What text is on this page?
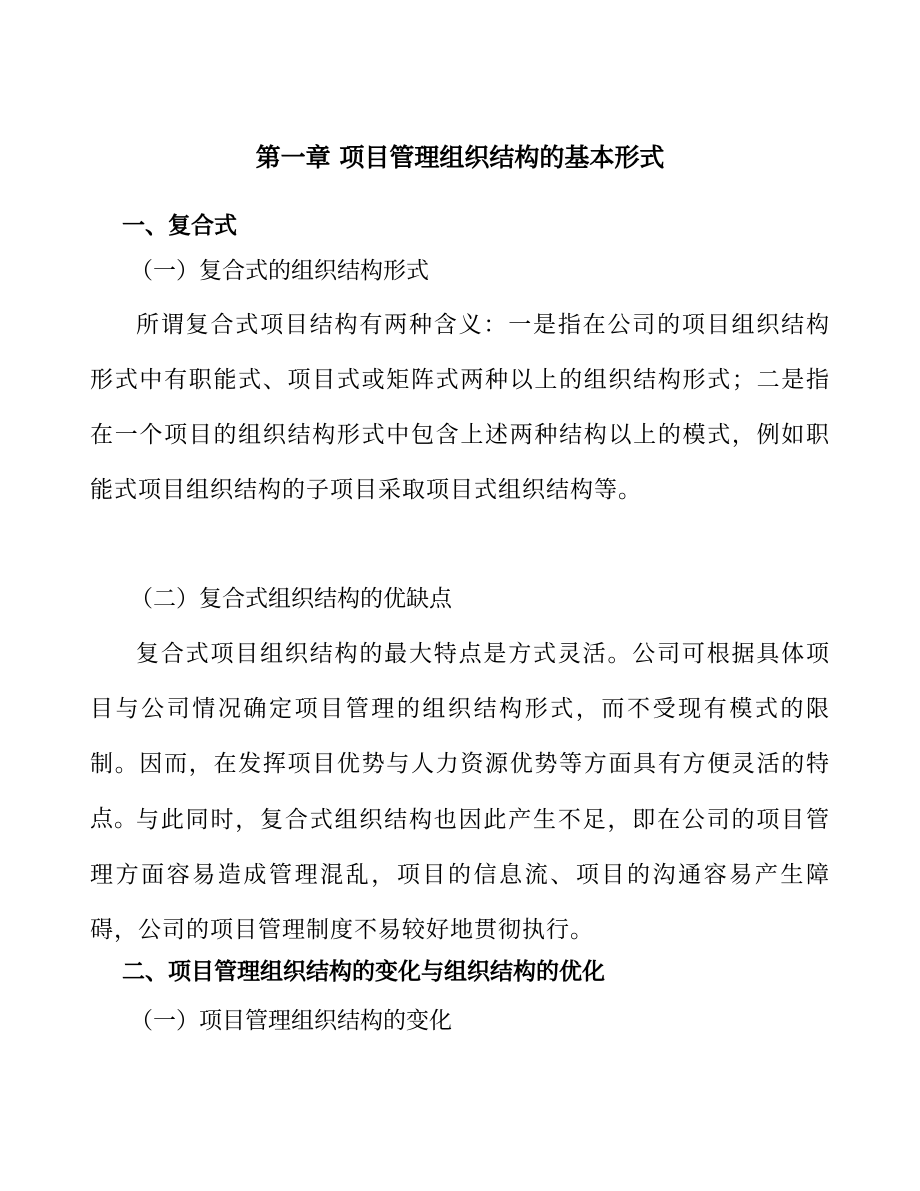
第一章 项目管理组织结构的基本形式
一、复合式
（一）复合式的组织结构形式
所谓复合式项目结构有两种含义：一是指在公司的项目组织结构形式中有职能式、项目式或矩阵式两种以上的组织结构形式；二是指在一个项目的组织结构形式中包含上述两种结构以上的模式，例如职能式项目组织结构的子项目采取项目式组织结构等。
（二）复合式组织结构的优缺点
复合式项目组织结构的最大特点是方式灵活。公司可根据具体项目与公司情况确定项目管理的组织结构形式，而不受现有模式的限制。因而，在发挥项目优势与人力资源优势等方面具有方便灵活的特点。
与此同时，复合式组织结构也因此产生不足，即在公司的项目管理方面容易造成管理混乱，项目的信息流、项目的沟通容易产生障碍，公司的项目管理制度不易较好地贯彻执行。
二、项目管理组织结构的变化与组织结构的优化
（一）项目管理组织结构的变化
